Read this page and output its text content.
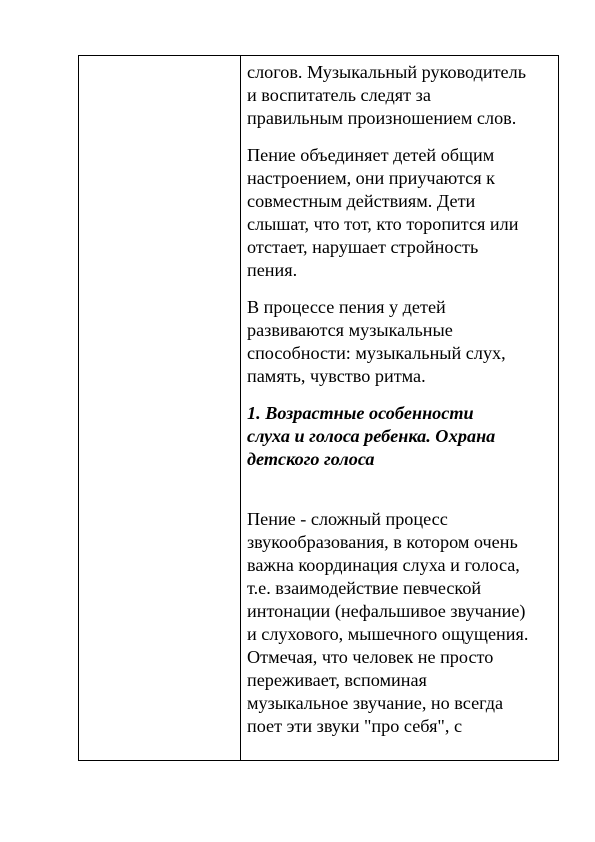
слогов. Музыкальный руководитель
и воспитатель следят за
правильным произношением слов.

Пение объединяет детей общим
настроением, они приучаются к
совместным действиям. Дети
слышат, что тот, кто торопится или
отстает, нарушает стройность
пения.

В процессе пения у детей
развиваются музыкальные
способности: музыкальный слух,
память, чувство ритма.

1. Возрастные особенности
слуха и голоса ребенка. Охрана
детского голоса

Пение - сложный процесс
звукообразования, в котором очень
важна координация слуха и голоса,
т.е. взаимодействие певческой
интонации (нефальшивое звучание)
и слухового, мышечного ощущения.
Отмечая, что человек не просто
переживает, вспоминая
музыкальное звучание, но всегда
поет эти звуки "про себя", с
